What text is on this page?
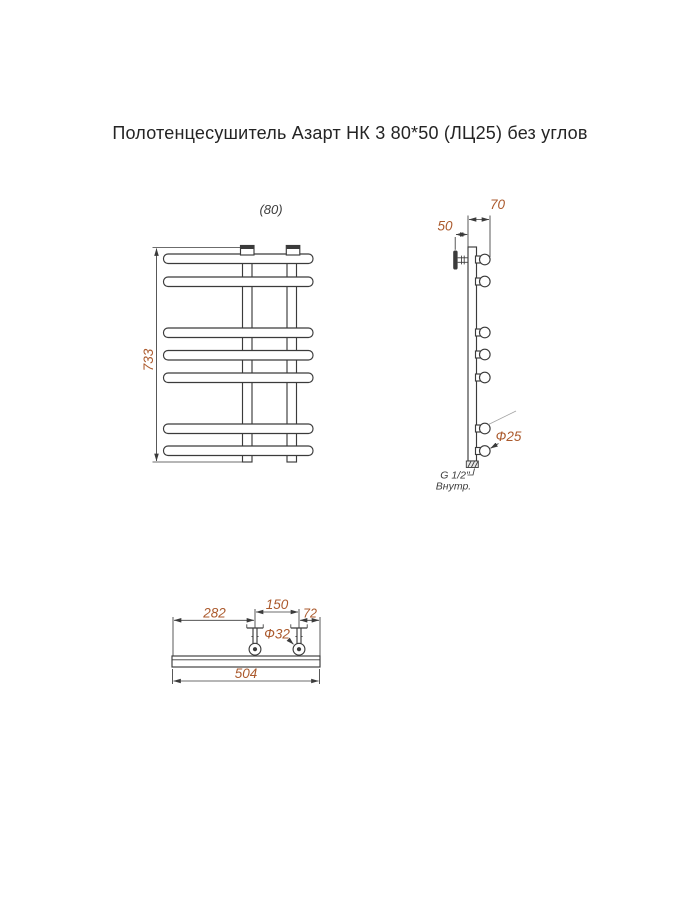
Полотенцесушитель Азарт НК 3 80*50 (ЛЦ25) без углов
(80)
733
70
50
Ф25
G 1/2"
Внутр.
150
282	72
504
Ф32
